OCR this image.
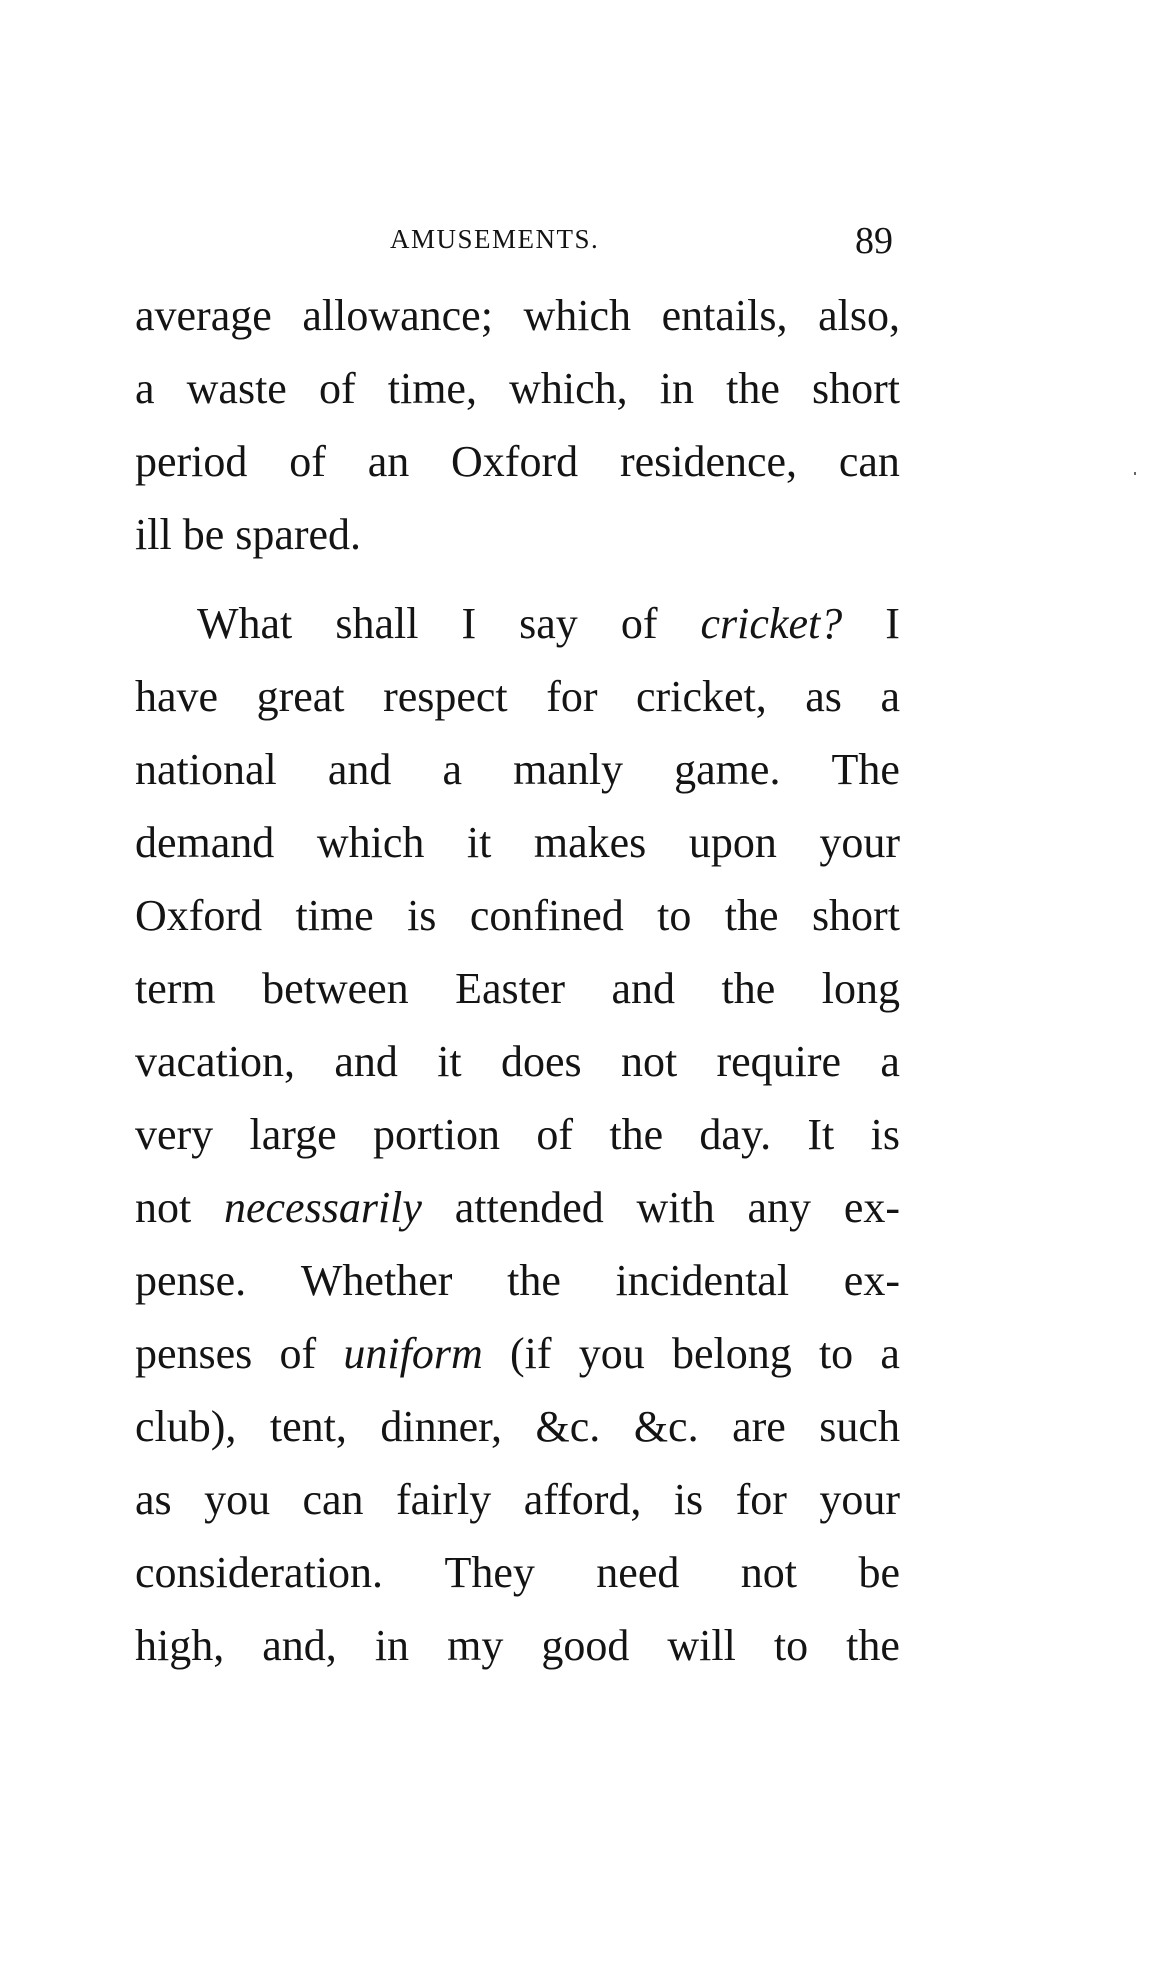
AMUSEMENTS.	89
average allowance; which entails, also,
a waste of time, which, in the short
period of an Oxford residence, can
ill
be
spared.
What shall I say of cricket? I
have great respect for cricket, as a
national and a manly game. The
demand which it makes upon your
Oxford time is confined to the short
term between Easter and the long
vacation, and it does not require a
very large portion of the day. It is
not necessarily attended with any ex-
pense. Whether the incidental ex-
penses of uniform (if you belong to a
club), tent, dinner, &c. &c. are such
as you can fairly afford, is for your
consideration. They need not be
high, and, in my good will to the
